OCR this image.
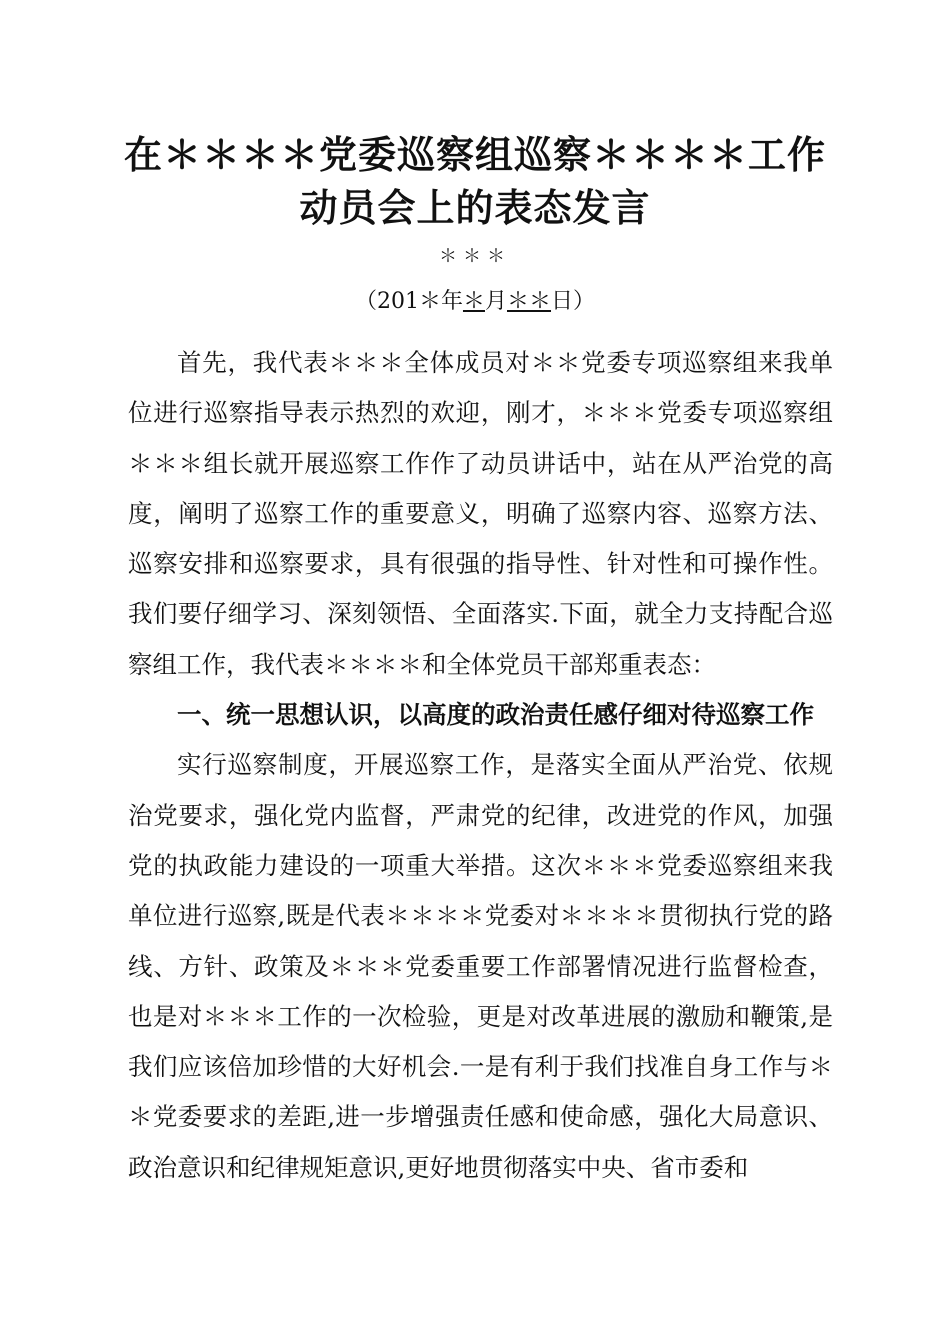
在＊＊＊＊党委巡察组巡察＊＊＊＊工作
动员会上的表态发言
＊＊＊
（201＊年＊月＊＊日）

首先，我代表＊＊＊全体成员对＊＊党委专项巡察组来我单位进行巡察指导表示热烈的欢迎，刚才，＊＊＊党委专项巡察组＊＊＊组长就开展巡察工作作了动员讲话中，站在从严治党的高度，阐明了巡察工作的重要意义，明确了巡察内容、巡察方法、巡察安排和巡察要求，具有很强的指导性、针对性和可操作性。我们要仔细学习、深刻领悟、全面落实.下面，就全力支持配合巡察组工作，我代表＊＊＊＊和全体党员干部郑重表态：

一、统一思想认识，以高度的政治责任感仔细对待巡察工作

实行巡察制度，开展巡察工作，是落实全面从严治党、依规治党要求，强化党内监督，严肃党的纪律，改进党的作风，加强党的执政能力建设的一项重大举措。这次＊＊＊党委巡察组来我单位进行巡察,既是代表＊＊＊＊党委对＊＊＊＊贯彻执行党的路线、方针、政策及＊＊＊党委重要工作部署情况进行监督检查，也是对＊＊＊工作的一次检验，更是对改革进展的激励和鞭策,是我们应该倍加珍惜的大好机会.一是有利于我们找准自身工作与＊＊党委要求的差距,进一步增强责任感和使命感，强化大局意识、政治意识和纪律规矩意识,更好地贯彻落实中央、省市委和
